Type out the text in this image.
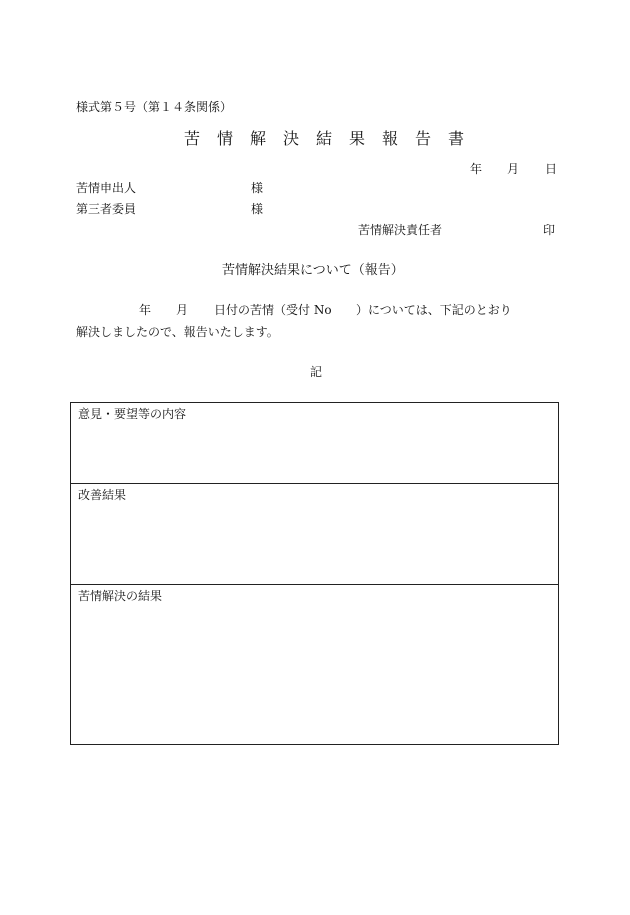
様式第５号（第１４条関係）
苦情解決結果報告書
年 月 日
苦情申出人	様
第三者委員	様
苦情解決責任者	印
苦情解決結果について（報告）
年 月 日付の苦情（受付 No ）については、下記のとおり
解決しましたので、報告いたします。
記
意見・要望等の内容
改善結果
苦情解決の結果
